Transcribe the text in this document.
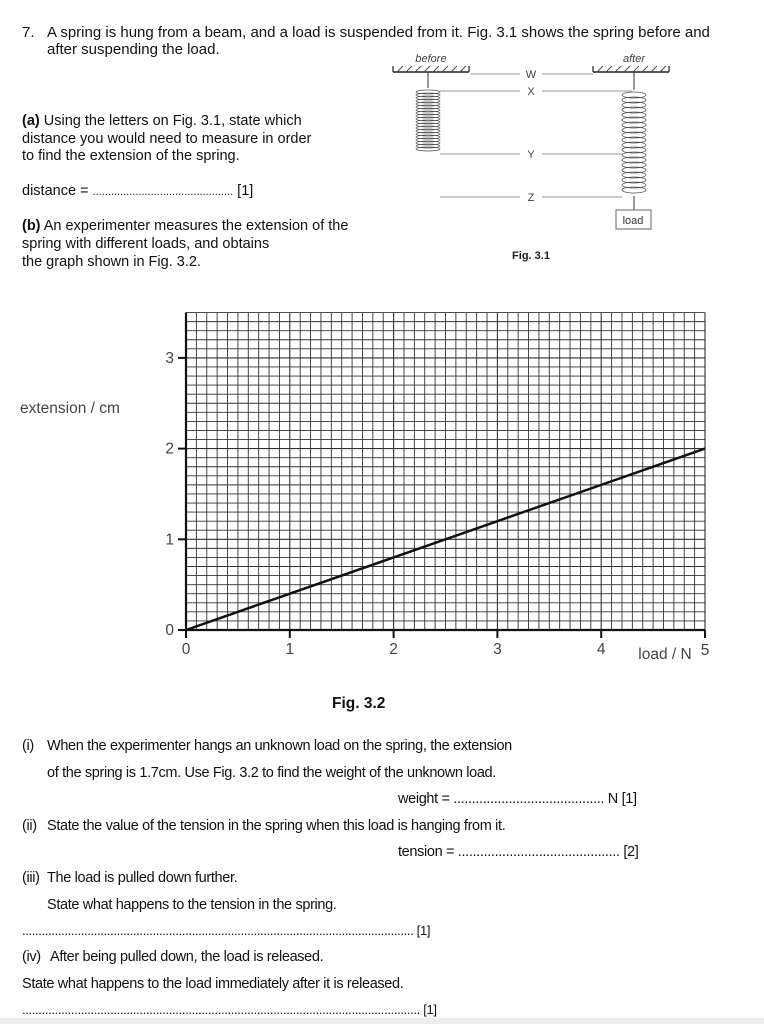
7. A spring is hung from a beam, and a load is suspended from it. Fig. 3.1 shows the spring before and
after suspending the load.
(a) Using the letters on Fig. 3.1, state which
distance you would need to measure in order
to find the extension of the spring.
distance = .............................................. [1]
(b) An experimenter measures the extension of the
spring with different loads, and obtains
the graph shown in Fig. 3.2.
before	after
load
W
X
Y
Z
Fig. 3.1
extension / cm
0	1	2	3	4	5
0
1
2
3
load / N
Fig. 3.2
(i) When the experimenter hangs an unknown load on the spring, the extension
of the spring is 1.7cm. Use Fig. 3.2 to find the weight of the unknown load.
weight = ......................................... N [1]
(ii) State the value of the tension in the spring when this load is hanging from it.
tension = ............................................ [2]
(iii) The load is pulled down further.
State what happens to the tension in the spring.
........................................................................................................................ [1]
(iv) After being pulled down, the load is released.
State what happens to the load immediately after it is released.
.......................................................................................................................... [1]
